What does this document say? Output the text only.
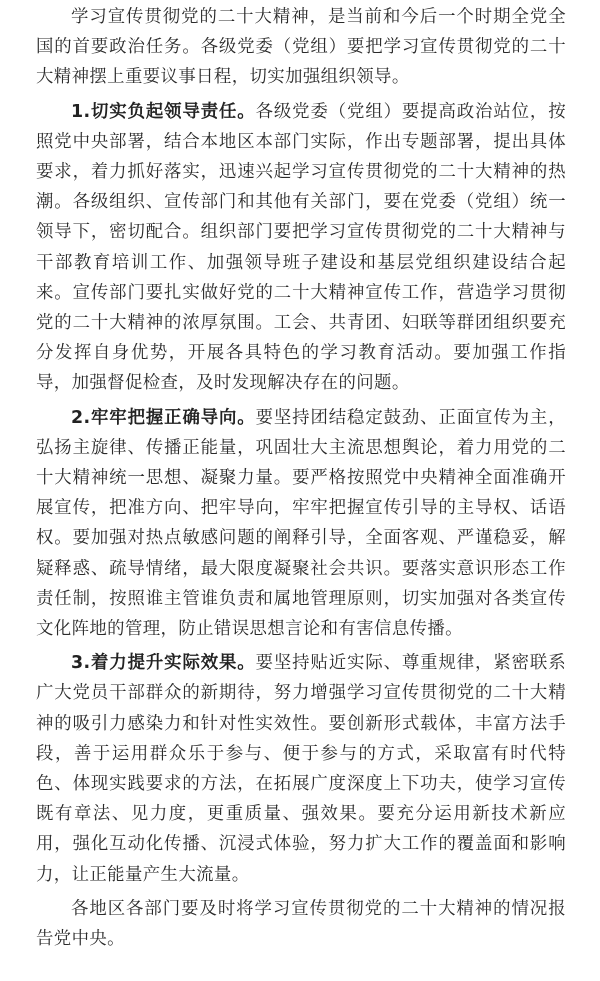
学习宣传贯彻党的二十大精神，是当前和今后一个时期全党全国的首要政治任务。各级党委（党组）要把学习宣传贯彻党的二十大精神摆上重要议事日程，切实加强组织领导。

1.切实负起领导责任。各级党委（党组）要提高政治站位，按照党中央部署，结合本地区本部门实际，作出专题部署，提出具体要求，着力抓好落实，迅速兴起学习宣传贯彻党的二十大精神的热潮。各级组织、宣传部门和其他有关部门，要在党委（党组）统一领导下，密切配合。组织部门要把学习宣传贯彻党的二十大精神与干部教育培训工作、加强领导班子建设和基层党组织建设结合起来。宣传部门要扎实做好党的二十大精神宣传工作，营造学习贯彻党的二十大精神的浓厚氛围。工会、共青团、妇联等群团组织要充分发挥自身优势，开展各具特色的学习教育活动。要加强工作指导，加强督促检查，及时发现解决存在的问题。

2.牢牢把握正确导向。要坚持团结稳定鼓劲、正面宣传为主，弘扬主旋律、传播正能量，巩固壮大主流思想舆论，着力用党的二十大精神统一思想、凝聚力量。要严格按照党中央精神全面准确开展宣传，把准方向、把牢导向，牢牢把握宣传引导的主导权、话语权。要加强对热点敏感问题的阐释引导，全面客观、严谨稳妥，解疑释惑、疏导情绪，最大限度凝聚社会共识。要落实意识形态工作责任制，按照谁主管谁负责和属地管理原则，切实加强对各类宣传文化阵地的管理，防止错误思想言论和有害信息传播。

3.着力提升实际效果。要坚持贴近实际、尊重规律，紧密联系广大党员干部群众的新期待，努力增强学习宣传贯彻党的二十大精神的吸引力感染力和针对性实效性。要创新形式载体，丰富方法手段，善于运用群众乐于参与、便于参与的方式，采取富有时代特色、体现实践要求的方法，在拓展广度深度上下功夫，使学习宣传既有章法、见力度，更重质量、强效果。要充分运用新技术新应用，强化互动化传播、沉浸式体验，努力扩大工作的覆盖面和影响力，让正能量产生大流量。

各地区各部门要及时将学习宣传贯彻党的二十大精神的情况报告党中央。
